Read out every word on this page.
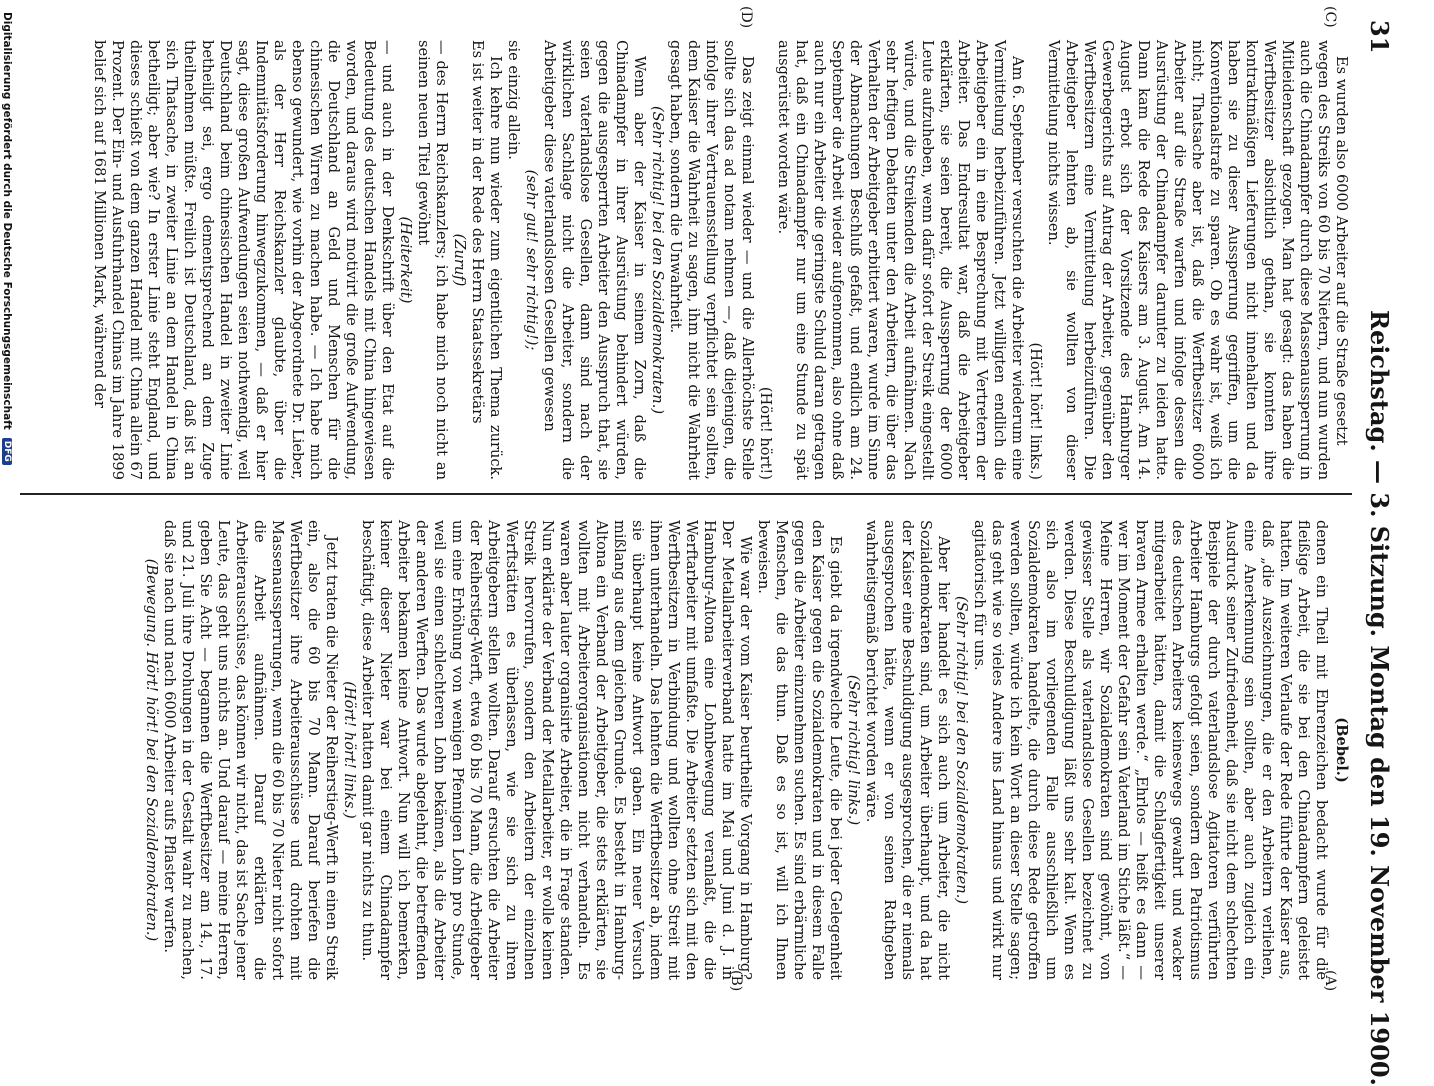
31
Reichstag. — 3. Sitzung. Montag den 19. November 1900.
(C)
(D)
(A)
(B)

Es wurden also 6000 Arbeiter auf die Straße gesetzt

wegen des Streiks von 60 bis 70 Nietern, und nun wurden auch die Chinadampfer durch diese Massenaussperrung in Mitleidenschaft gezogen. Man hat gesagt: das haben die Werftbesitzer absichtlich gethan, sie konnten ihre kontraktmäßigen Lieferungen nicht innehalten und da haben sie zu dieser Aussperrung gegriffen, um die Konventionalstrafe zu sparen. Ob es wahr ist, weiß ich nicht; Thatsache aber ist, daß die Werftbesitzer 6000 Arbeiter auf die Straße warfen und infolge dessen die Ausrüstung der Chinadampfer darunter zu leiden hatte. Dann kam die Rede des Kaisers am 3. August. Am 14. August erbot sich der Vorsitzende des Hamburger Gewerbegerichts auf Antrag der Arbeiter, gegenüber den Werftbesitzern eine Vermittelung herbeizuführen. Die Arbeitgeber lehnten ab, sie wollten von dieser Vermittelung nichts wissen.

(Hört! hört! links.)

Am 6. September versuchten die Arbeiter wiederum eine Vermittelung herbeizuführen. Jetzt willigten endlich die Arbeitgeber ein in eine Besprechung mit Vertretern der Arbeiter. Das Endresultat war, daß die Arbeitgeber erklärten, sie seien bereit, die Aussperrung der 6000 Leute aufzuheben, wenn dafür sofort der Streik eingestellt würde, und die Streikenden die Arbeit aufnähmen. Nach sehr heftigen Debatten unter den Arbeitern, die über das Verhalten der Arbeitgeber erbittert waren, wurde im Sinne der Abmachungen Beschluß gefaßt, und endlich am 24. September die Arbeit wieder aufgenommen, also ohne daß auch nur ein Arbeiter die geringste Schuld daran getragen hat, daß ein Chinadampfer nur um eine Stunde zu spät ausgerüstet worden wäre.

(Hört! hört!)

Das zeigt einmal wieder — und die Allerhöchste Stelle sollte sich das ad notam nehmen —, daß diejenigen, die infolge ihrer Vertrauensstellung verpflichtet sein sollten, dem Kaiser die Wahrheit zu sagen, ihm nicht die Wahrheit gesagt haben, sondern die Unwahrheit.

(Sehr richtig! bei den Sozialdemokraten.)

Wenn aber der Kaiser in seinem Zorn, daß die Chinadampfer in ihrer Ausrüstung behindert würden, gegen die ausgesperrten Arbeiter den Ausspruch that, sie seien vaterlandslose Gesellen, dann sind nach der wirklichen Sachlage nicht die Arbeiter, sondern die Arbeitgeber diese vaterlandslosen Gesellen gewesen

(sehr gut! sehr richtig!);

sie einzig allein.

Ich kehre nun wieder zum eigentlichen Thema zurück. Es ist weiter in der Rede des Herrn Staatssekretärs

(Zuruf)

— des Herrn Reichskanzlers; ich habe mich noch nicht an seinen neuen Titel gewöhnt

(Heiterkeit)

— und auch in der Denkschrift über den Etat auf die Bedeutung des deutschen Handels mit China hingewiesen worden, und daraus wird motivirt die große Aufwendung, die Deutschland an Geld und Menschen für die chinesischen Wirren zu machen habe. — Ich habe mich ebenso gewundert, wie vorhin der Abgeordnete Dr. Lieber, als der Herr Reichskanzler glaubte, über die Indemnitätsforderung hinwegzukommen, — daß er hier sagt, diese großen Aufwendungen seien nothwendig, weil Deutschland beim chinesischen Handel in zweiter Linie betheiligt sei, ergo dementsprechend an dem Zuge theilnehmen müßte. Freilich ist Deutschland, daß ist an sich Thatsache, in zweiter Linie an dem Handel in China betheiligt; aber wie? In erster Linie steht England, und dieses schießt von dem ganzen Handel mit China allein 67 Prozent. Der Ein- und Ausfuhrhandel Chinas im Jahre 1899 belief sich auf 1681 Millionen Mark, während der

(Bebel.)

denen ein Theil mit Ehrenzeichen bedacht wurde für die fleißige Arbeit, die sie bei den Chinadampfern geleistet hatten. Im weiteren Verlaufe der Rede führte der Kaiser aus, daß „die Auszeichnungen, die er den Arbeitern verliehen, eine Anerkennung sein sollten, aber auch zugleich ein Ausdruck seiner Zufriedenheit, daß sie nicht dem schlechten Beispiele der durch vaterlandslose Agitatoren verführten Arbeiter Hamburgs gefolgt seien, sondern den Patriotismus des deutschen Arbeiters keineswegs gewahrt und wacker mitgearbeitet hätten, damit die Schlagfertigkeit unserer braven Armee erhalten werde.“ „Ehrlos — heißt es dann — wer im Moment der Gefahr sein Vaterland im Stiche läßt.“ — Meine Herren, wir Sozialdemokraten sind gewöhnt, von gewisser Stelle als vaterlandslose Gesellen bezeichnet zu werden. Diese Beschuldigung läßt uns sehr kalt. Wenn es sich also im vorliegenden Falle ausschließlich um Sozialdemokraten handelte, die durch diese Rede getroffen werden sollten, würde ich kein Wort an dieser Stelle sagen; das geht wie so vieles Andere ins Land hinaus und wirkt nur agitatorisch für uns.

(Sehr richtig! bei den Sozialdemokraten.)

Aber hier handelt es sich auch um Arbeiter, die nicht Sozialdemokraten sind, um Arbeiter überhaupt, und da hat der Kaiser eine Beschuldigung ausgesprochen, die er niemals ausgesprochen hätte, wenn er von seinen Rathgeben wahrheitsgemäß berichtet worden wäre.

(Sehr richtig! links.)

Es giebt da irgendwelche Leute, die bei jeder Gelegenheit den Kaiser gegen die Sozialdemokraten und in diesem Falle gegen die Arbeiter einzunehmen suchen. Es sind erbärmliche Menschen, die das thun. Daß es so ist, will ich Ihnen beweisen.

Wie war der vom Kaiser beurtheilte Vorgang in Hamburg? Der Metallarbeiterverband hatte im Mai und Juni d. J. in Hamburg-Altona eine Lohnbewegung veranlaßt, die die Werftarbeiter mit umfaßte. Die Arbeiter setzten sich mit den Werftbesitzern in Verbindung und wollten ohne Streit mit ihnen unterhandeln. Das lehnten die Werftbesitzer ab, indem sie überhaupt keine Antwort gaben. Ein neuer Versuch mißlang aus dem gleichen Grunde. Es besteht in Hamburg-Altona ein Verband der Arbeitgeber, die stets erklärten, sie wollten mit Arbeiterorganisationen nicht verhandeln. Es waren aber lauter organisirte Arbeiter, die in Frage standen. Nun erklärte der Verband der Metallarbeiter, er wolle keinen Streik hervorrufen, sondern den Arbeitern der einzelnen Werftstätten es überlassen, wie sie sich zu ihren Arbeitgebern stellen wollten. Darauf ersuchten die Arbeiter der Reiherstieg-Werft, etwa 60 bis 70 Mann, die Arbeitgeber um eine Erhöhung von wenigen Pfennigen Lohn pro Stunde, weil sie einen schlechteren Lohn bekämen, als die Arbeiter der anderen Werften. Das wurde abgelehnt, die betreffenden Arbeiter bekamen keine Antwort. Nun will ich bemerken, keiner dieser Nieter war bei einem Chinadampfer beschäftigt, diese Arbeiter hatten damit gar nichts zu thun.

(Hört! hört! links.)

Jetzt traten die Nieter der Reiherstieg-Werft in einen Streik ein, also die 60 bis 70 Mann. Darauf beriefen die Werftbesitzer ihre Arbeiterausschüsse und drohten mit Massenaussperrungen, wenn die 60 bis 70 Nieter nicht sofort die Arbeit aufnähmen. Darauf erklärten die Arbeiterausschüsse, das können wir nicht, das ist Sache jener Leute, das geht uns nichts an. Und darauf — meine Herren, geben Sie Acht — begannen die Werftbesitzer am 14., 17. und 21. Juli ihre Drohungen in der Gestalt wahr zu machen, daß sie nach und nach 6000 Arbeiter aufs Pflaster warfen.

(Bewegung. Hört! hört! bei den Sozialdemokraten.)

Digitalisierung gefördert durch die Deutsche Forschungsgemeinschaft
DFG
